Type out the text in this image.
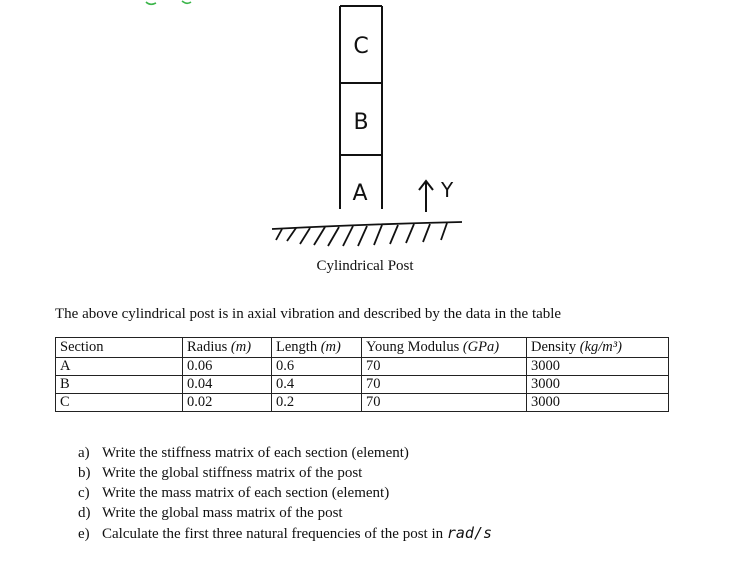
C
B
A	Y
Cylindrical Post
The above cylindrical post is in axial vibration and described by the data in the table
Section	Radius (m)	Length (m)	Young Modulus (GPa)	Density (kg/m³)
A	0.06	0.6	70	3000
B	0.04	0.4	70	3000
C	0.02	0.2	70	3000
a) Write the stiffness matrix of each section (element)
b) Write the global stiffness matrix of the post
c) Write the mass matrix of each section (element)
d) Write the global mass matrix of the post
e) Calculate the first three natural frequencies of the post in rad/s
